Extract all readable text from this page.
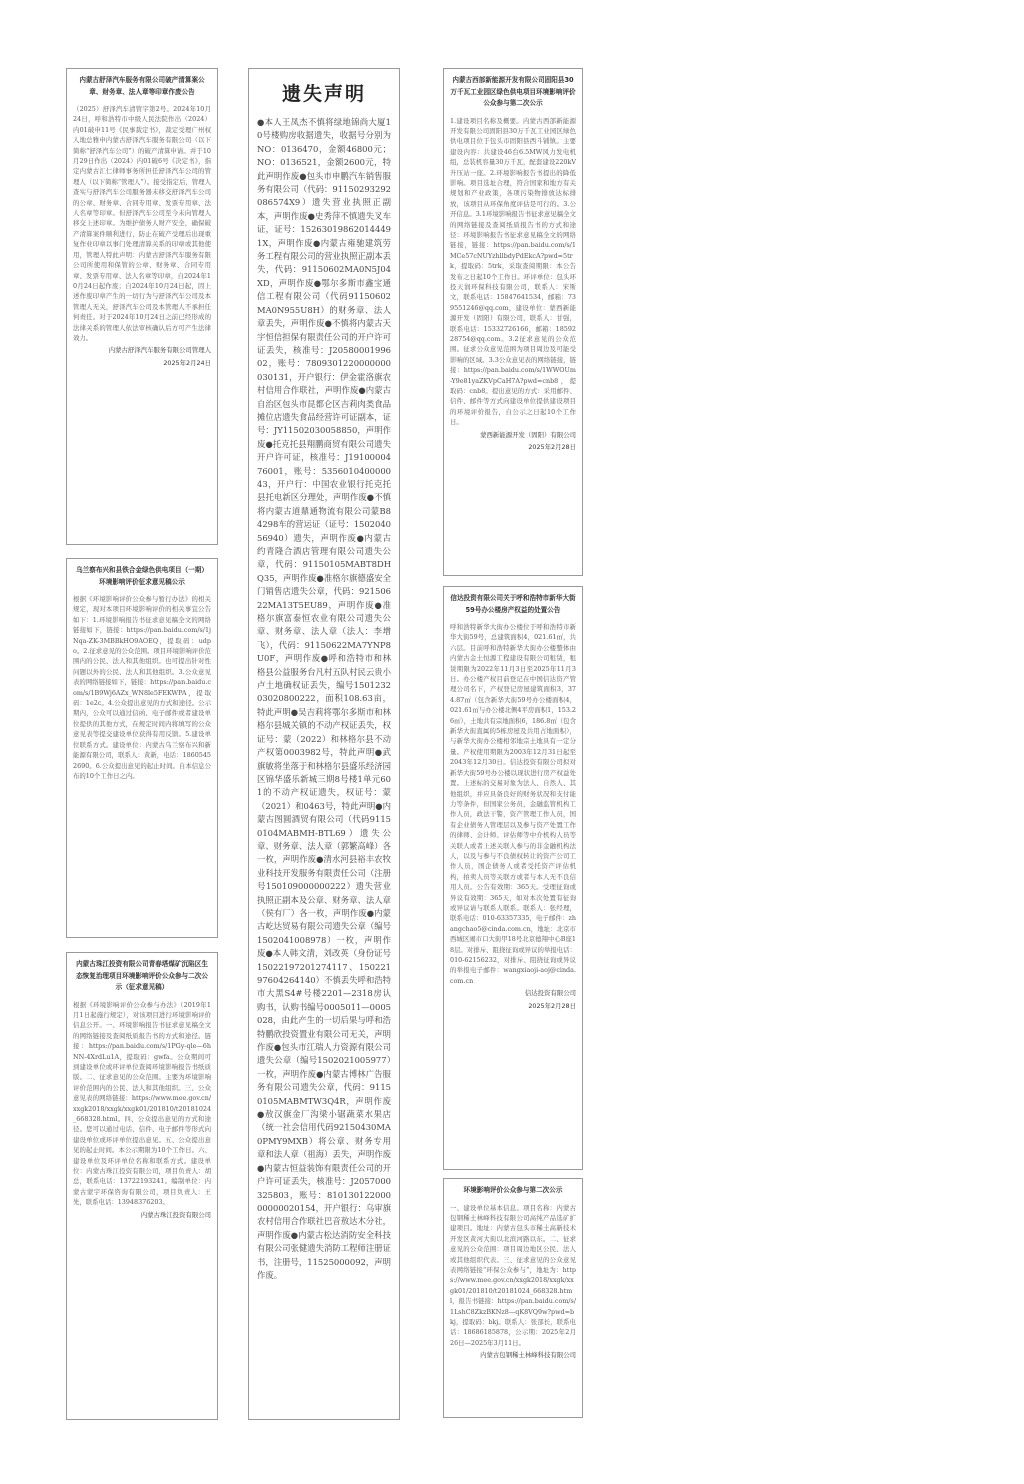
内蒙古舒泽汽车服务有限公司破产清算案公章、财务章、法人章等印章作废公告

（2025）舒泽汽车清管字第2号。2024年10月24日，呼和浩特市中级人民法院作出（2024）内01破申11号《民事裁定书》，裁定受理广州权人地总雅申内蒙古舒泽汽车服务有限公司（以下简称“舒泽汽车公司”）的破产清算申请。并于10月29日作出（2024）内01破6号《决定书》，指定内蒙古汇仁律师事务所担任舒泽汽车公司的管理人（以下简称“管理人”）。接受指定后，管理人查实与舒泽汽车公司服务器未移交舒泽汽车公司的公章、财务章、合同专用章、发票专用章、法人名章等印章。但舒泽汽车公司至今未向管理人移交上述印章。为维护债务人财产安全，确保破产清算案件顺利进行，防止在破产受理后出现重复作业印章以事门处理清算关系的印章或其他使用，管理人特此声明：内蒙古舒泽汽车服务有限公司所使用和保管的公章、财务章、合同专用章、发票专用章、法人名章等印章，自2024年10月24日起作废；自2024年10月24日起，因上述作废印章产生的一切行为与舒泽汽车公司及本管理人无关，舒泽汽车公司及本管理人不承担任何责任。对于2024年10月24日之前已经形成的法律关系的管理人依法审核确认后方可产生法律效力。

内蒙古舒泽汽车服务有限公司管理人
2025年2月24日
乌兰察布兴和县铁合金绿色供电项目（一期）环境影响评价征求意见稿公示

根据《环境影响评价公众参与暂行办法》的相关规定，现对本项目环境影响评价的相关事宜公告如下：1.环境影响报告书征求意见稿全文的网络链接如下，链接：https://pan.baidu.com/s/1jNqa-ZK-3MBBkHO9AOEQ，提取码：udpo。2.征求意见的公众范围。项目环境影响评价范围内的公民、法人和其他组织。也可提出针对性问题以外的公民、法人和其他组织。3.公众意见表的网络链接如下，链接：https://pan.baidu.com/s/1B9Wj6AZx_WN8le5FEKWPA，提取码：1e2c。4.公众提出意见的方式和途径。公示期内，公众可以通过信函、电子邮件或者建设单位提供的其他方式，在规定时间内将填写的公众意见表等提交建设单位获得有用反馈。5.建设单位联系方式。建设单位：内蒙古乌兰察布兴和新能源有限公司，联系人：黄新，电话：18605452690。6.公众提出意见的起止时间。自本信息公布的10个工作日之内。

内蒙古珠江投资有限公司青春塔煤矿沉陷区生态恢复治理项目环境影响评价公众参与二次公示（征求意见稿）

根据《环境影响评价公众参与办法》（2019年1月1日起施行规定），对该项目进行环境影响评价信息公开。一、环境影响报告书征求意见稿全文的网络链接及查阅纸质报告书的方式和途径。链接：https://pan.baidu.com/s/1PGy-qle—6hNN-4XrdLu1A，提取码：gwfa。公众期间可到建设单位或环评单位查阅环境影响报告书纸质版。二、征求意见的公众范围。主要为环境影响评价范围内的公民、法人和其他组织。三、公众意见表的网络链接：https://www.mee.gov.cn/xxgk2018/xxgk/xxgk01/201810/t20181024_668328.html。四、公众提出意见的方式和途径。您可以通过电话、信件、电子邮件等形式向建设单位或环评单位提出意见。五、公众提出意见的起止时间。本公示期限为10个工作日。六、建设单位及环评单位名称和联系方式。建设单位：内蒙古珠江投资有限公司，项目负责人：胡总，联系电话：13722193241。编制单位：内蒙古蒙宇环保咨询有限公司，项目负责人：王先，联系电话：13948376203。

内蒙古珠江投资有限公司
遗失声明

●本人王凤杰不慎将绿地锦尚大厦10号楼购房收据遗失，收据号分别为NO：0136470，金额46800元；NO：0136521，金额2600元，特此声明作废●包头市申鹏汽车销售服务有限公司（代码：91150293292086574X9）遗失营业执照正副本，声明作废●史秀萍不慎遗失叉车证，证号：152630198620144491X，声明作废●内蒙古雍驰建筑劳务工程有限公司的营业执照正副本丢失，代码：91150602MA0N5J04XD，声明作废●鄂尔多斯市鑫宝通信工程有限公司（代码91150602MA0N955U8H）的财务章、法人章丢失，声明作废●不慎将内蒙古天宇恒信担保有限责任公司的开户许可证丢失，核准号：J2058000199602，账号：7809301220000000030131，开户银行：伊金霍洛旗农村信用合作联社，声明作废●内蒙古自治区包头市昆都仑区吉莉肉类食品摊位店遗失食品经营许可证副本，证号：JY11502030058850，声明作废●托克托县翔鹏商贸有限公司遗失开户许可证，核准号：J1910000476001，账号：535601040000043，开户行：中国农业银行托克托县托电新区分理处，声明作废●不慎将内蒙古道鼎通物流有限公司蒙B84298车的营运证（证号：150204056940）遗失，声明作废●内蒙古约青隆合酒店管理有限公司遗失公章，代码：91150105MABT8DHQ35，声明作废●准格尔旗德盛安全门销售店遗失公章，代码：92150622MA13T5EU89，声明作废●准格尔旗富泰恒农业有限公司遗失公章、财务章、法人章（法人：李增飞），代码：91150622MA7YNP8U0F，声明作废●呼和浩特市和林格县公益服务台凡村五队村民云贵小卢土地确权证丢失，编号150123203020800222，面积108.63亩，特此声明●吴吉莉将鄂尔多斯市和林格尔县城关镇的不动产权证丢失，权证号：蒙（2022）和林格尔县不动产权第0003982号，特此声明●武旗敏将坐落于和林格尔县盛乐经济园区锦华盛乐新城三期8号楼1单元601的不动产权证遗失，权证号：蒙（2021）和0463号，特此声明●内蒙古图圆酒贸有限公司（代码91150104MABMH-BTL69）遗失公章、财务章、法人章（郭繁高峰）各一枚，声明作废●清水河县裕丰农牧业科技开发服务有限责任公司（注册号150109000000222）遗失营业执照正副本及公章、财务章、法人章（侯有厂）各一枚，声明作废●内蒙古屹达贸易有限公司遗失公章（编号1502041008978）一枚，声明作废●本人韩文清，刘改英（身份证号15022197201274117、15022197604264140）不慎丢失呼和浩特市大黑S4#号楼2201—2318房认购书，认购书编号0005011—0005028，由此产生的一切后果与呼和浩特鹏欣投资置业有限公司无关，声明作废●包头市江瑞人力资源有限公司遗失公章（编号1502021005977）一枚，声明作废●内蒙古博林广告服务有限公司遗失公章，代码：91150105MABMTW3Q4R，声明作废●敖汉旗金厂沟梁小锯蔬菜水果店（统一社会信用代码92150430MA0PMY9MXB）将公章、财务专用章和法人章（祖海）丢失，声明作废●内蒙古恒益装饰有限责任公司的开户许可证丢失，核准号：J2057000325803，账号：81013012200000000020154，开户银行：乌审旗农村信用合作联社巴音敖达木分社，声明作废●内蒙古松达消防安全科技有限公司张健遗失消防工程师注册证书，注册号，11525000092，声明作废。

内蒙古西部新能源开发有限公司固阳县30万千瓦工业园区绿色供电项目环境影响评价公众参与第二次公示

1.建设项目名称及概要。内蒙古西部新能源开发有限公司固阳县30万千瓦工业园区绿色供电项目位于包头市固阳县西斗铺镇。主要建设内容：共建设46台6.5MW风力发电机组，总装机容量30万千瓦，配套建设220kV升压站一座。2.环境影响报告书提出的降低影响。项目选址合理，符合国家和地方有关规划和产业政策，各项污染物排放达标排放，该项目从环保角度评估是可行的。3.公开信息。3.1环境影响报告书征求意见稿全文的网络链接及查阅纸质报告书的方式和途径：环境影响报告书征求意见稿全文的网络链接，链接：https://pan.baidu.com/s/1MCe57cNUYzhllbdyPdEkcA?pwd=5trk，提取码：5trk，采取查阅期限：本公告发布之日起10个工作日。环评单位：包头环投天润环保科技有限公司，联系人：宋斯文，联系电话：15847641534，邮箱：739551246@qq.com，建设单位：蒙西新能源开发（固阳）有限公司，联系人：甘强，联系电话：15332726166，邮箱：1859228754@qq.com。3.2征求意见的公众范围。征求公众意见范围为项目周边及可能受影响的区域。3.3公众意见表的网络链接，链接：https://pan.baidu.com/s/1WWOUm-Y9e81yaZKVpCaH7A?pwd=cnb8，提取码：cnb8。提出意见的方式：采用邮件、信件、邮件等方式向建设单位提供建设项目的环境评价报告，自公示之日起10个工作日。

蒙西新能源开发（固阳）有限公司
2025年2月28日
信达投资有限公司关于呼和浩特市新华大街59号办公楼房产权益的处置公告

呼和浩特新华大街办公楼位于呼和浩特市新华大街59号，总建筑面积4，021.61㎡，共六层。目前呼和浩特新华大街办公楼整体由内蒙古金土恒源工程建设有限公司租赁，租赁期限为2022年11月3日至2025年11月3日。办公楼产权目前登记在中国信达资产管理公司名下，产权登记房屋建筑面积3，374.87㎡（包含新华大街59号办公楼面积4，021.61㎡与办公楼北侧4平房面积1，153.26㎡），土地共有宗地面积6，186.8㎡（包含新华大街直属的5栋房屋及共用占地面积），与新华大街办公楼相邻地宗土地具有一定分量。产权使用期限为2003年12月31日起至2043年12月30日。信达投资有限公司拟对新华大街59号办公楼以现状进行房产权益处置。上述标的交易对象为法人、自然人、其他组织，并应具备良好的财务状况和支付能力等条件，但国家公务员，金融监管机构工作人员，政法干警，资产管理工作人员，国有企业债务人管理层以及参与资产处置工作的律师、会计师、评估师等中介机构人员等关联人或者上述关联人参与的非金融机构法人，以及与参与不良债权转让的资产公司工作人员，国企债务人或者受托资产评估机构，拍卖人员等关联方或者与本人无不良信用人员。公告有效期：365天。受理征询或异议有效期：365天，如对本次处置有征询或异议请与联系人联系。联系人：张经理，联系电话：010-63357335，电子邮件：zhangchao5@cinda.com.cn，地址：北京市西城区闹市口大街甲18号北京德翔中心B座18层。对排斥、阻挠征询或异议的举报电话：010-62156232，对排斥、阻挠征询或异议的举报电子邮件：wangxiaoji-aoj@cinda.com.cn

信达投资有限公司
2025年2月28日
环境影响评价公众参与第二次公示

一、建设单位基本信息。项目名称：内蒙古包钢稀土林峰科技有限公司高纯产品选矿扩建项目。地址：内蒙古包头市稀土高新技术开发区黄河大街以北滨河路以东。二、征求意见的公众范围：项目周边地区公民、法人或其他组织代表。三、征求意见的公众意见表网络链接“环保公众参与”，地址为：https://www.mee.gov.cn/xxgk2018/xxgk/xxgk01/201810/t20181024_668328.html，报告书链接：https://pan.baidu.com/s/1LshC8ZkzBKNz8—qK8VQ9w?pwd=bkj，提取码：bkj。联系人：张部长，联系电话：18686185878，公示期：2025年2月26日—2025年3月11日。

内蒙古包钢稀土林峰科技有限公司
